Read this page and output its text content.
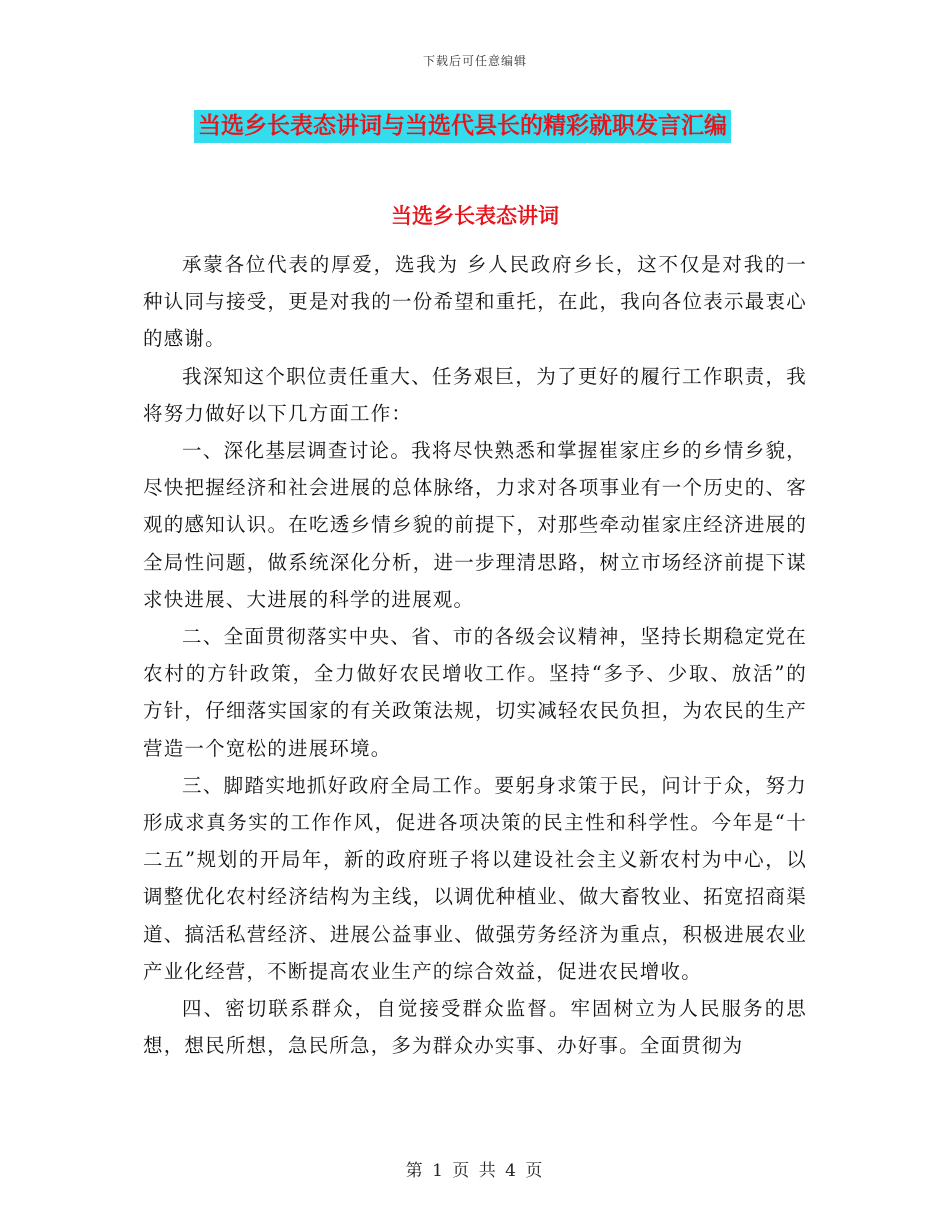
下载后可任意编辑
当选乡长表态讲词与当选代县长的精彩就职发言汇编
当选乡长表态讲词

承蒙各位代表的厚爱，选我为 乡人民政府乡长，这不仅是对我的一种认同与接受，更是对我的一份希望和重托，在此，我向各位表示最衷心的感谢。

我深知这个职位责任重大、任务艰巨，为了更好的履行工作职责，我将努力做好以下几方面工作：

一、深化基层调查讨论。我将尽快熟悉和掌握崔家庄乡的乡情乡貌，尽快把握经济和社会进展的总体脉络，力求对各项事业有一个历史的、客观的感知认识。在吃透乡情乡貌的前提下，对那些牵动崔家庄经济进展的全局性问题，做系统深化分析，进一步理清思路，树立市场经济前提下谋求快进展、大进展的科学的进展观。

二、全面贯彻落实中央、省、市的各级会议精神，坚持长期稳定党在农村的方针政策，全力做好农民增收工作。坚持“多予、少取、放活”的方针，仔细落实国家的有关政策法规，切实减轻农民负担，为农民的生产营造一个宽松的进展环境。

三、脚踏实地抓好政府全局工作。要躬身求策于民，问计于众，努力形成求真务实的工作作风，促进各项决策的民主性和科学性。今年是“十二五”规划的开局年，新的政府班子将以建设社会主义新农村为中心，以调整优化农村经济结构为主线，以调优种植业、做大畜牧业、拓宽招商渠道、搞活私营经济、进展公益事业、做强劳务经济为重点，积极进展农业产业化经营，不断提高农业生产的综合效益，促进农民增收。

四、密切联系群众，自觉接受群众监督。牢固树立为人民服务的思想，想民所想，急民所急，多为群众办实事、办好事。全面贯彻为

第 1 页 共 4 页
